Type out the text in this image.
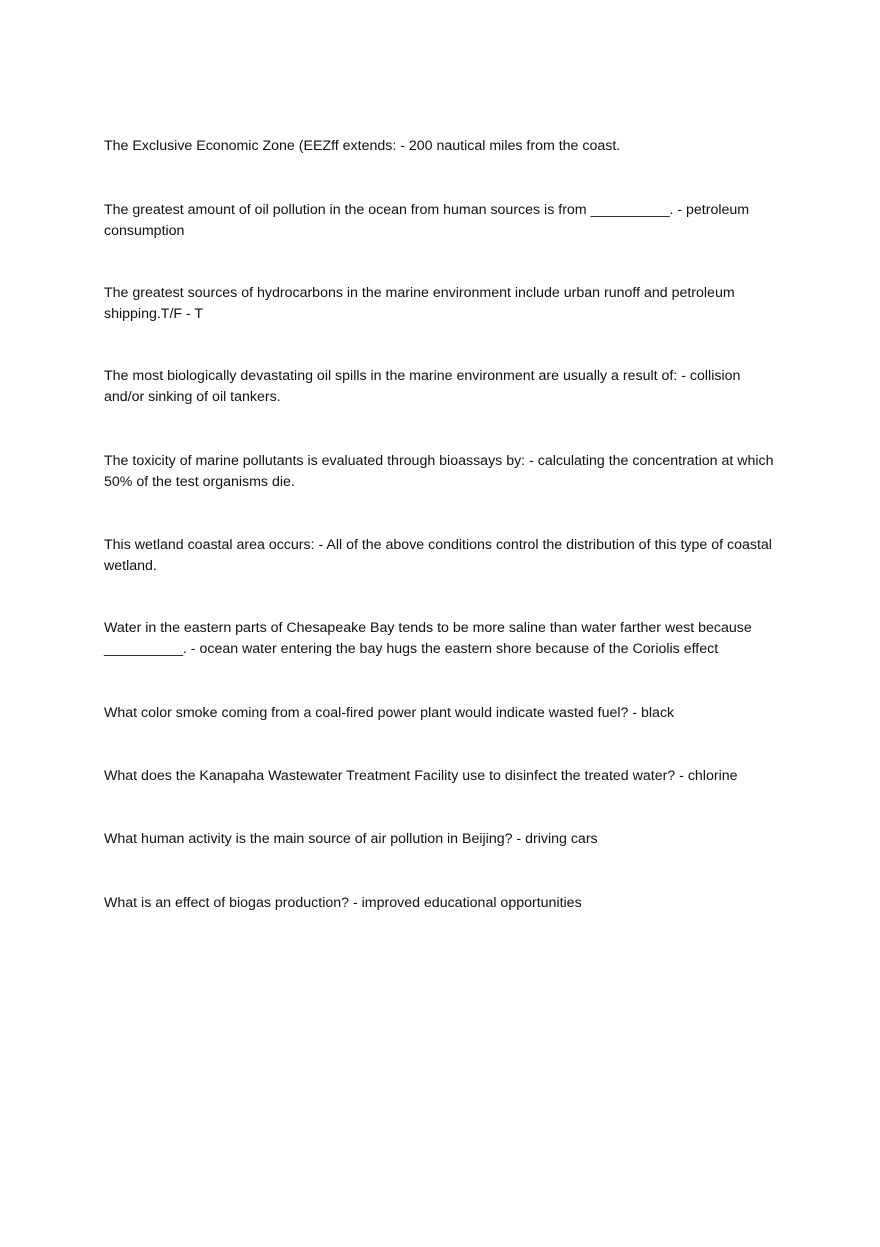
The Exclusive Economic Zone (EEZff extends: - 200 nautical miles from the coast.

The greatest amount of oil pollution in the ocean from human sources is from __________. - petroleum consumption

The greatest sources of hydrocarbons in the marine environment include urban runoff and petroleum shipping.T/F - T

The most biologically devastating oil spills in the marine environment are usually a result of: - collision and/or sinking of oil tankers.

The toxicity of marine pollutants is evaluated through bioassays by: - calculating the concentration at which 50% of the test organisms die.

This wetland coastal area occurs: - All of the above conditions control the distribution of this type of coastal wetland.

Water in the eastern parts of Chesapeake Bay tends to be more saline than water farther west because __________. - ocean water entering the bay hugs the eastern shore because of the Coriolis effect

What color smoke coming from a coal-fired power plant would indicate wasted fuel? - black

What does the Kanapaha Wastewater Treatment Facility use to disinfect the treated water? - chlorine

What human activity is the main source of air pollution in Beijing? - driving cars

What is an effect of biogas production? - improved educational opportunities
